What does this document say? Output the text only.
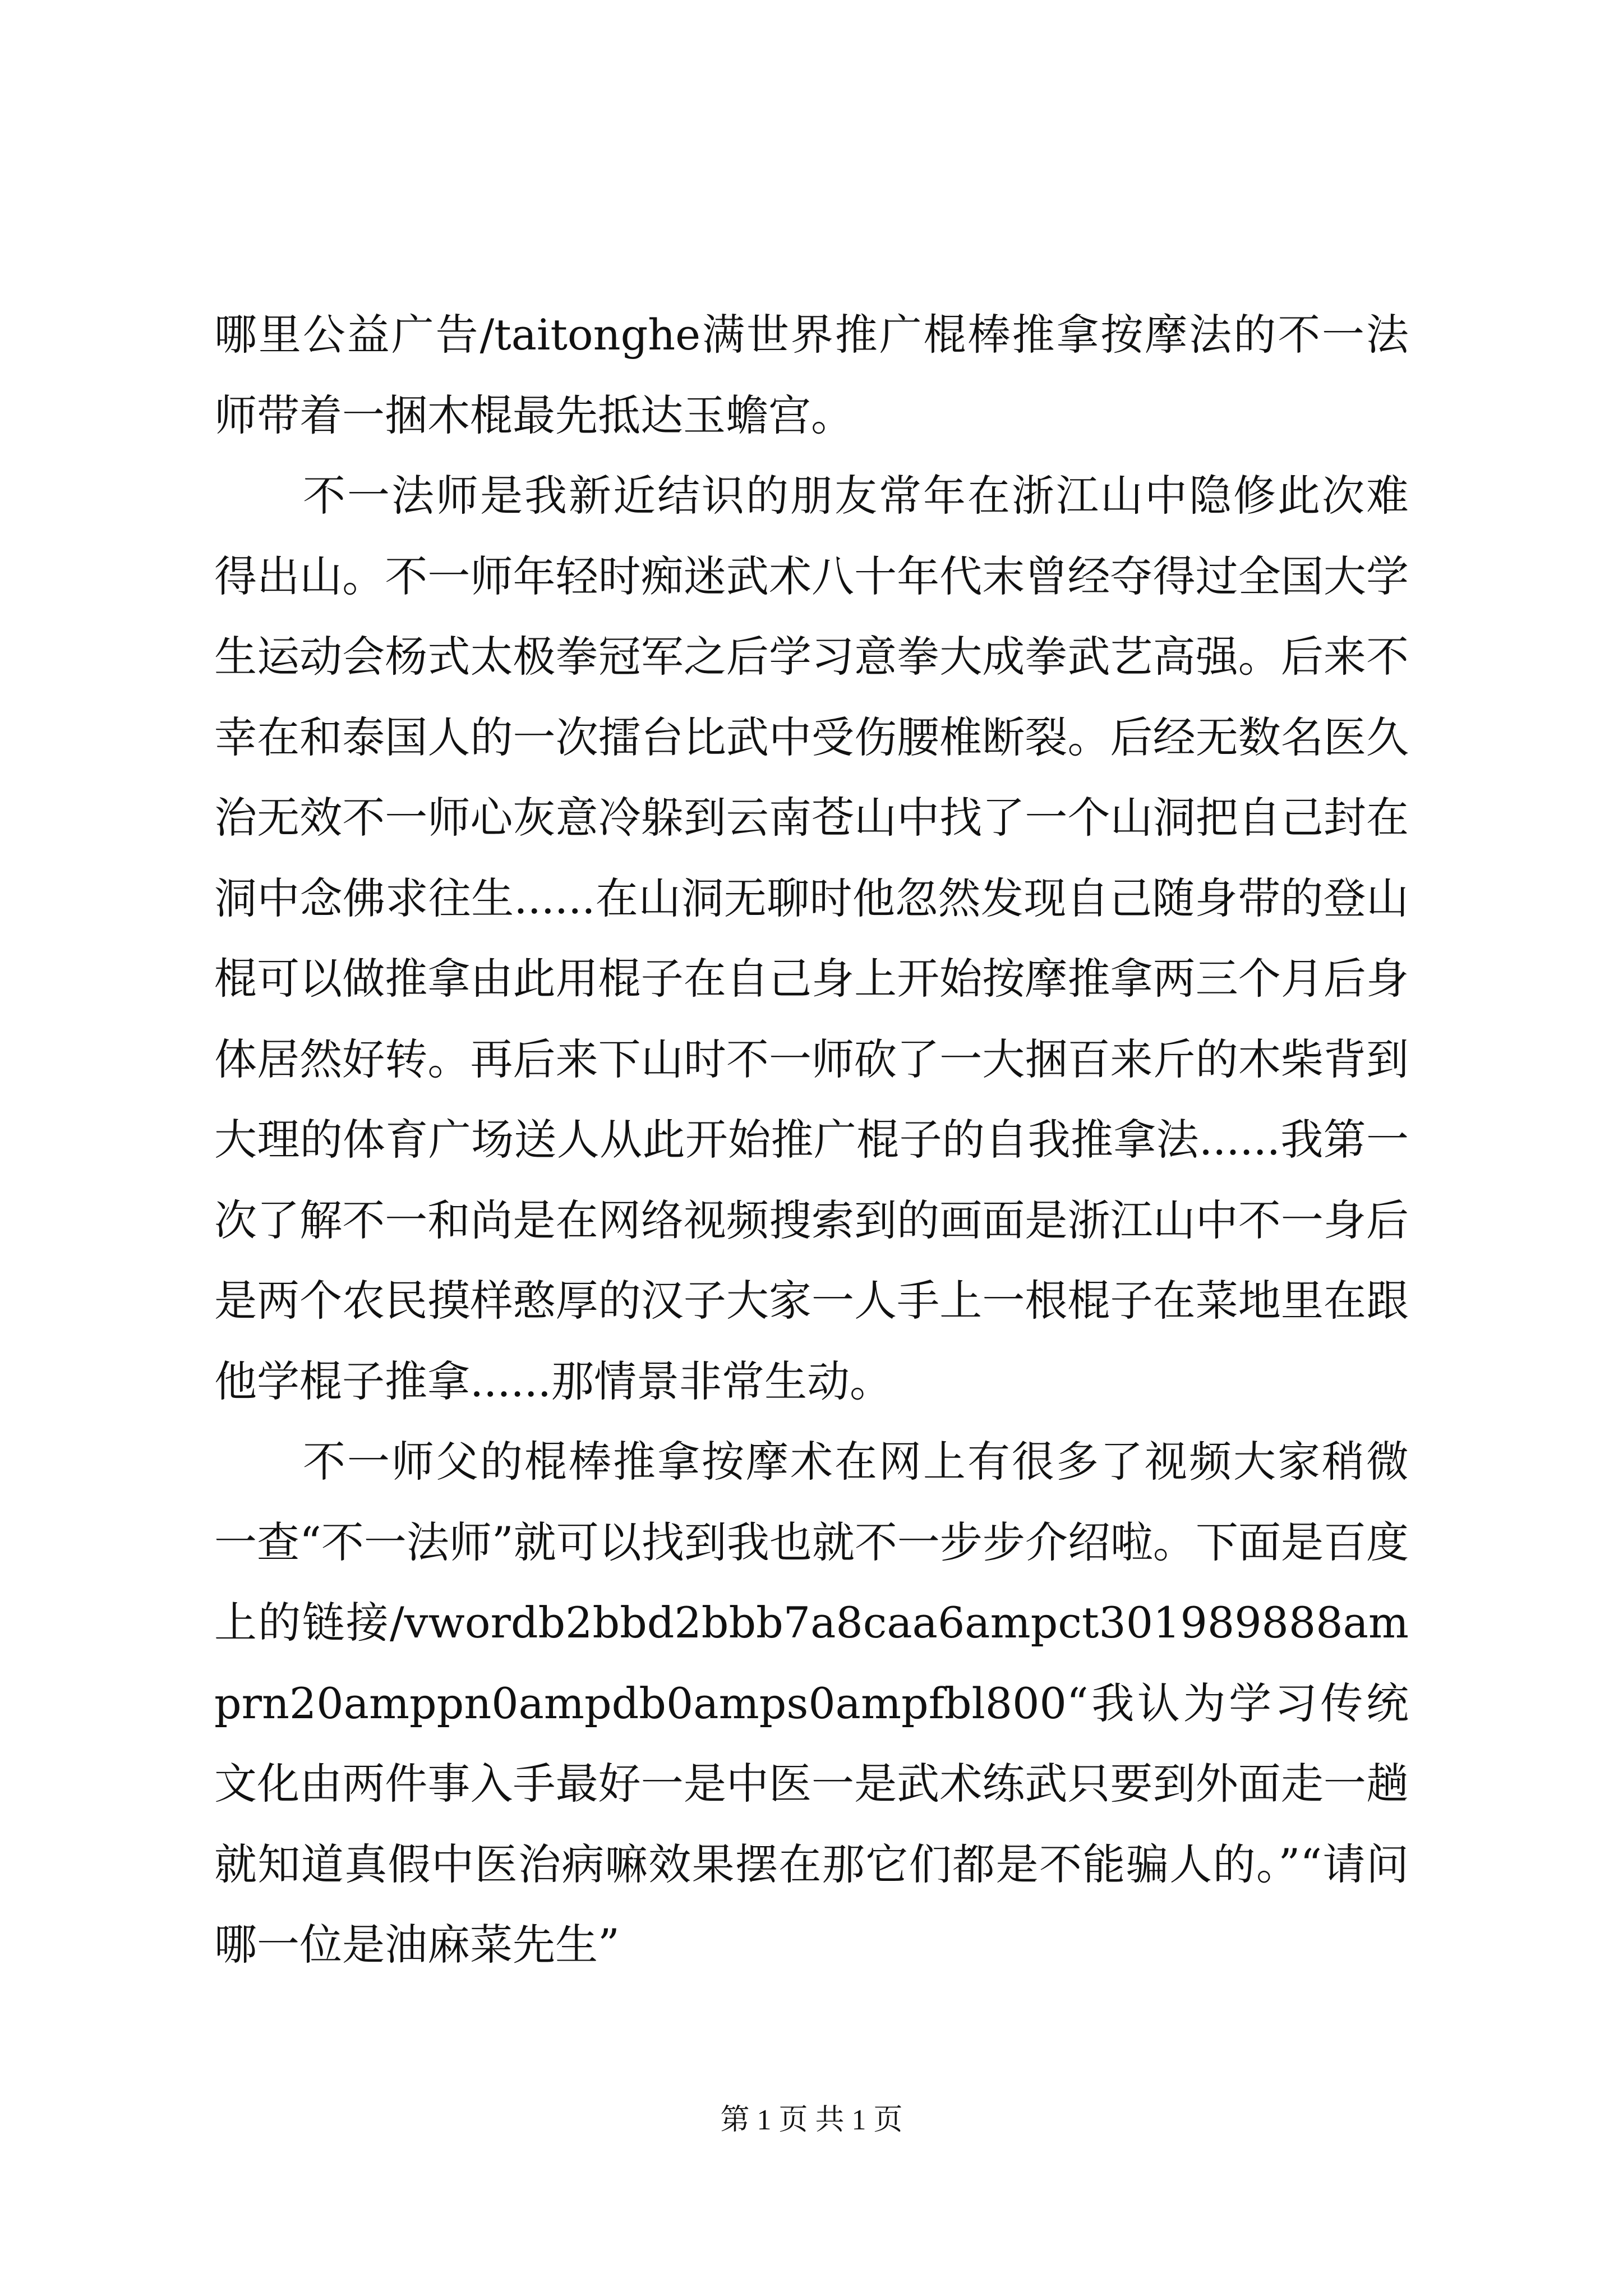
哪里公益广告/taitonghe满世界推广棍棒推拿按摩法的不一法师带着一捆木棍最先抵达玉蟾宫。

不一法师是我新近结识的朋友常年在浙江山中隐修此次难得出山。不一师年轻时痴迷武术八十年代末曾经夺得过全国大学生运动会杨式太极拳冠军之后学习意拳大成拳武艺高强。后来不幸在和泰国人的一次擂台比武中受伤腰椎断裂。后经无数名医久治无效不一师心灰意冷躲到云南苍山中找了一个山洞把自己封在洞中念佛求往生......在山洞无聊时他忽然发现自己随身带的登山棍可以做推拿由此用棍子在自己身上开始按摩推拿两三个月后身体居然好转。再后来下山时不一师砍了一大捆百来斤的木柴背到大理的体育广场送人从此开始推广棍子的自我推拿法......我第一次了解不一和尚是在网络视频搜索到的画面是浙江山中不一身后是两个农民摸样憨厚的汉子大家一人手上一根棍子在菜地里在跟他学棍子推拿......那情景非常生动。

不一师父的棍棒推拿按摩术在网上有很多了视频大家稍微一查“不一法师”就可以找到我也就不一步步介绍啦。下面是百度上的链接/vwordb2bbd2bbb7a8caa6ampct301989888amprn20amppn0ampdb0amps0ampfbl800“我认为学习传统文化由两件事入手最好一是中医一是武术练武只要到外面走一趟就知道真假中医治病嘛效果摆在那它们都是不能骗人的。”“请问哪一位是油麻菜先生”

第 1 页 共 1 页
